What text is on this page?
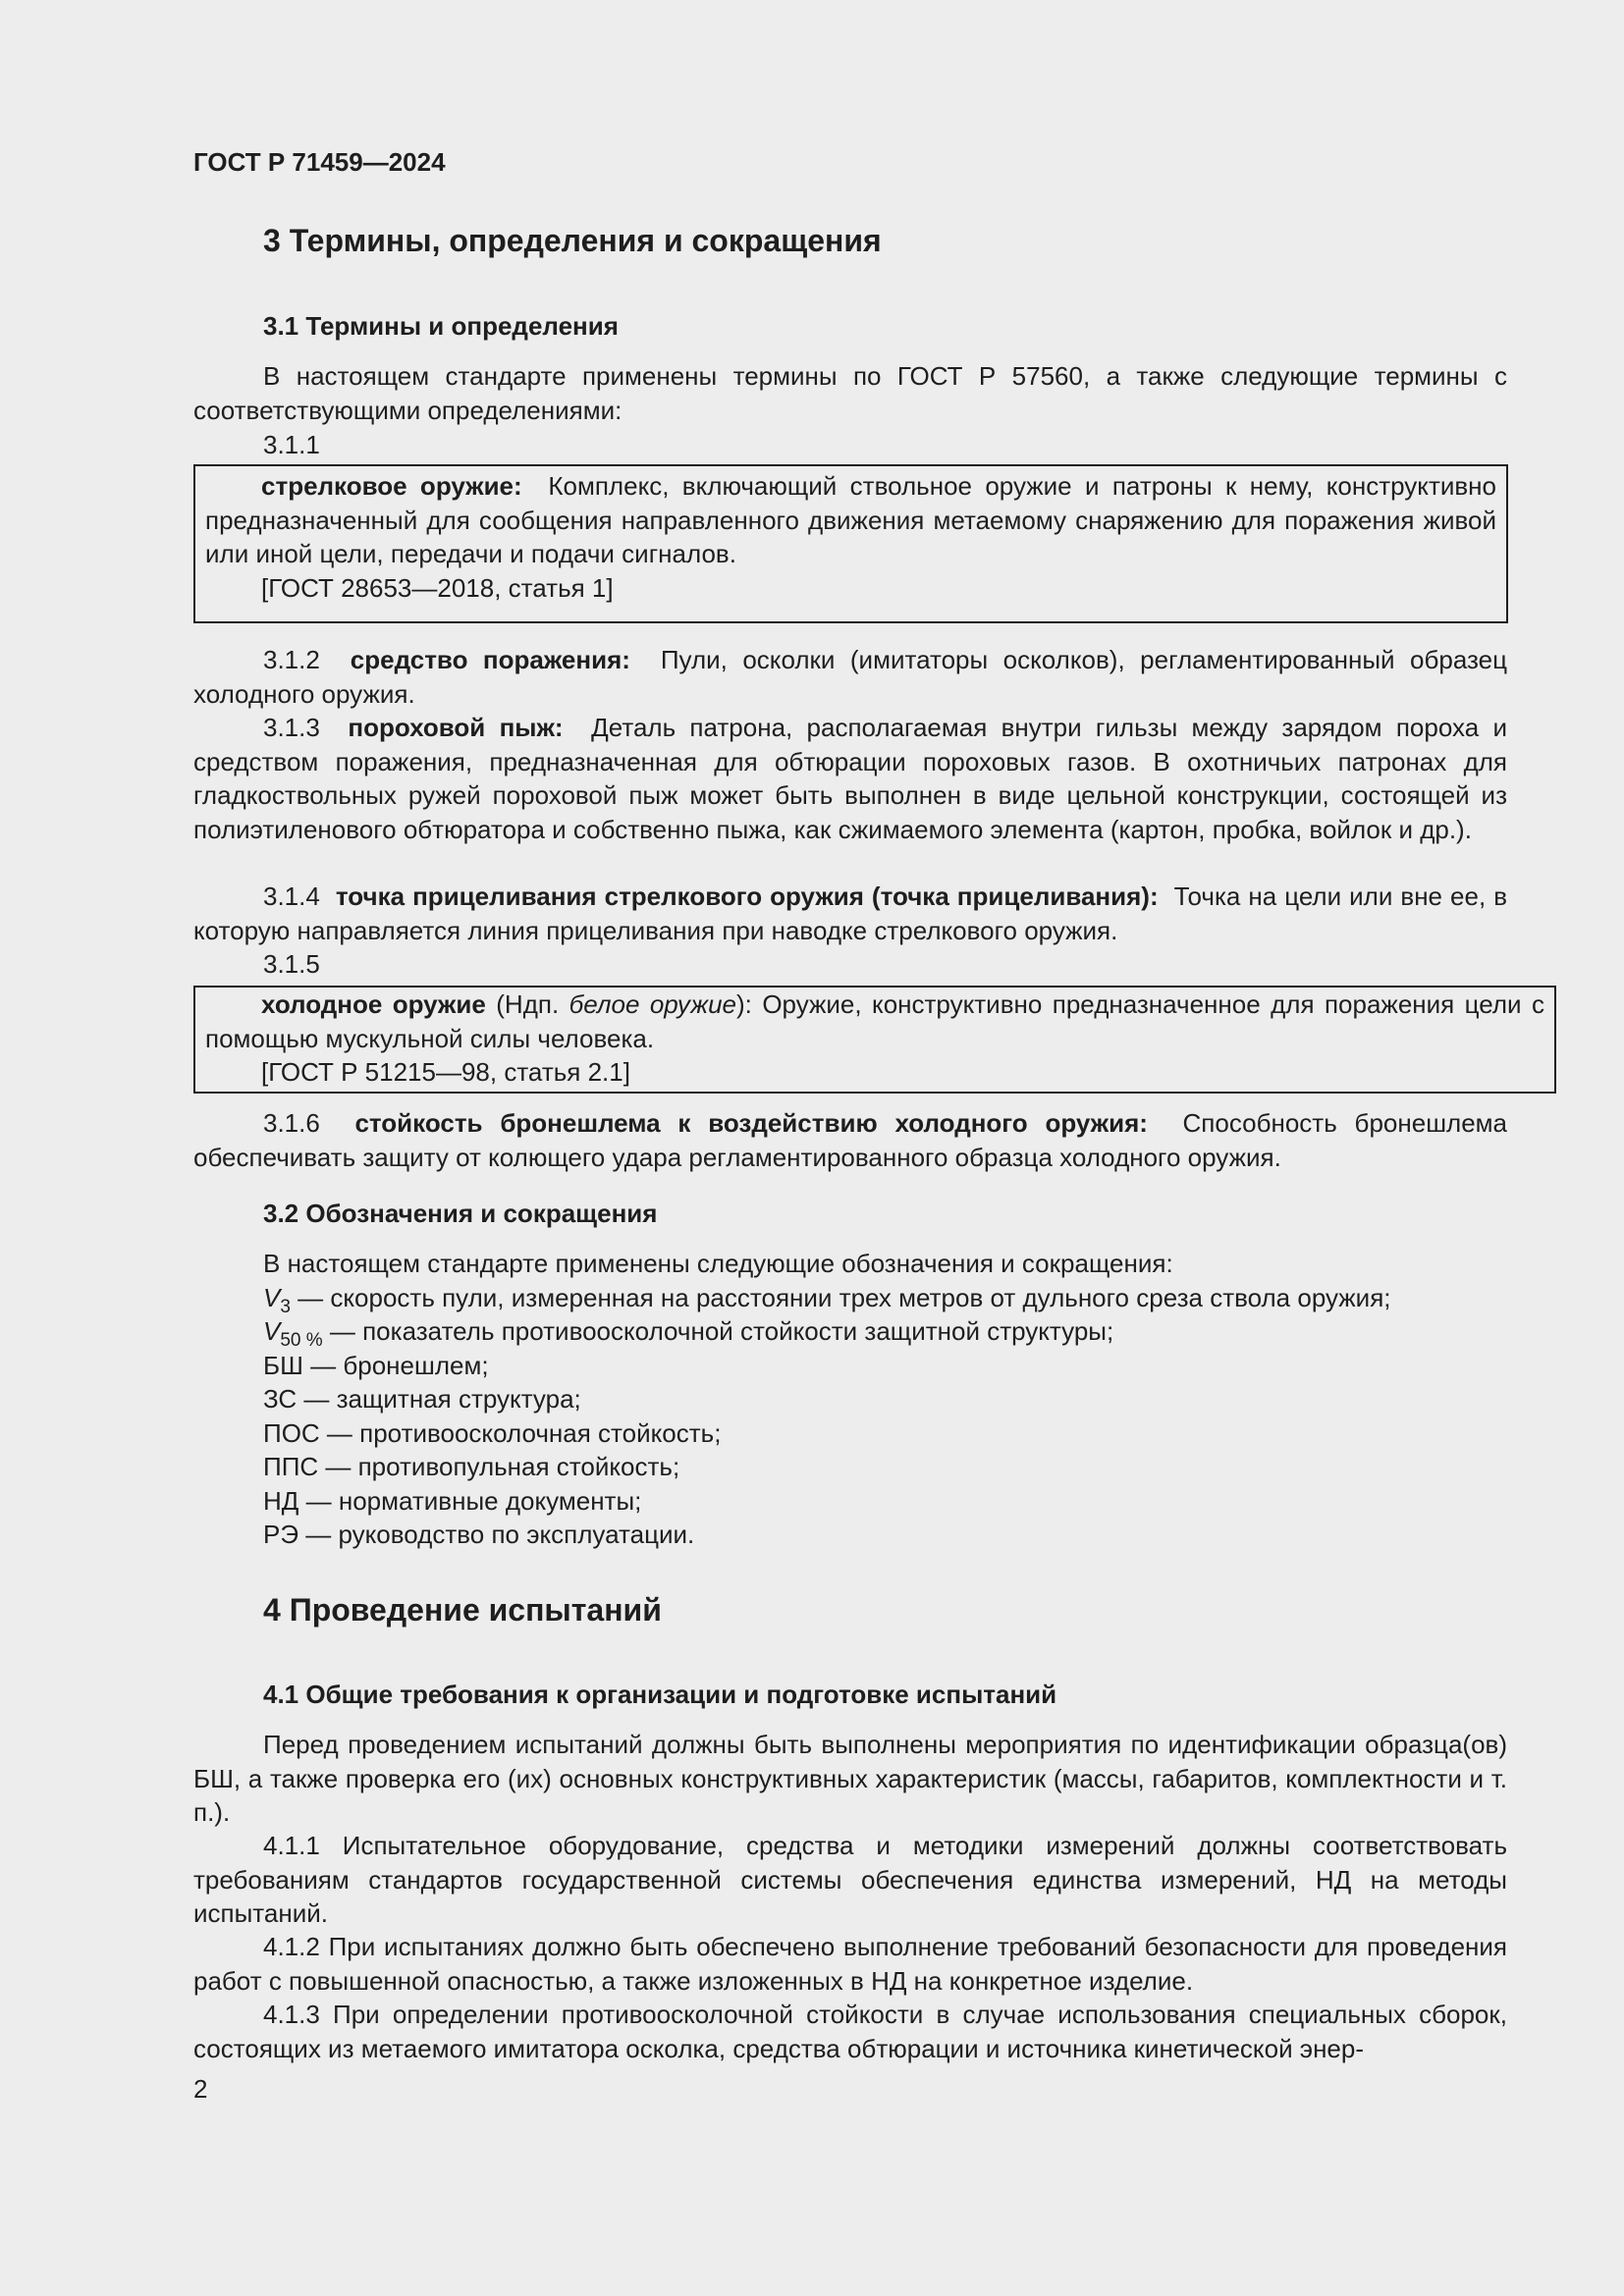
ГОСТ Р 71459—2024
3 Термины, определения и сокращения
3.1 Термины и определения
В настоящем стандарте применены термины по ГОСТ Р 57560, а также следующие термины с соответствующими определениями:
3.1.1
стрелковое оружие: Комплекс, включающий ствольное оружие и патроны к нему, конструктивно предназначенный для сообщения направленного движения метаемому снаряжению для поражения живой или иной цели, передачи и подачи сигналов.
[ГОСТ 28653—2018, статья 1]
3.1.2 средство поражения: Пули, осколки (имитаторы осколков), регламентированный образец холодного оружия.
3.1.3 пороховой пыж: Деталь патрона, располагаемая внутри гильзы между зарядом пороха и средством поражения, предназначенная для обтюрации пороховых газов. В охотничьих патронах для гладкоствольных ружей пороховой пыж может быть выполнен в виде цельной конструкции, состоящей из полиэтиленового обтюратора и собственно пыжа, как сжимаемого элемента (картон, пробка, войлок и др.).
3.1.4 точка прицеливания стрелкового оружия (точка прицеливания): Точка на цели или вне ее, в которую направляется линия прицеливания при наводке стрелкового оружия.
3.1.5
холодное оружие (Ндп. белое оружие): Оружие, конструктивно предназначенное для поражения цели с помощью мускульной силы человека.
[ГОСТ Р 51215—98, статья 2.1]
3.1.6 стойкость бронешлема к воздействию холодного оружия: Способность бронешлема обеспечивать защиту от колющего удара регламентированного образца холодного оружия.
3.2 Обозначения и сокращения
В настоящем стандарте применены следующие обозначения и сокращения:
$V_3$ — скорость пули, измеренная на расстоянии трех метров от дульного среза ствола оружия;
$V_{50 \%}$ — показатель противоосколочной стойкости защитной структуры;
БШ — бронешлем;
ЗС — защитная структура;
ПОС — противоосколочная стойкость;
ППС — противопульная стойкость;
НД — нормативные документы;
РЭ — руководство по эксплуатации.
4 Проведение испытаний
4.1 Общие требования к организации и подготовке испытаний
Перед проведением испытаний должны быть выполнены мероприятия по идентификации образца(ов) БШ, а также проверка его (их) основных конструктивных характеристик (массы, габаритов, комплектности и т. п.).
4.1.1 Испытательное оборудование, средства и методики измерений должны соответствовать требованиям стандартов государственной системы обеспечения единства измерений, НД на методы испытаний.
4.1.2 При испытаниях должно быть обеспечено выполнение требований безопасности для проведения работ с повышенной опасностью, а также изложенных в НД на конкретное изделие.
4.1.3 При определении противоосколочной стойкости в случае использования специальных сборок, состоящих из метаемого имитатора осколка, средства обтюрации и источника кинетической энер-
2
